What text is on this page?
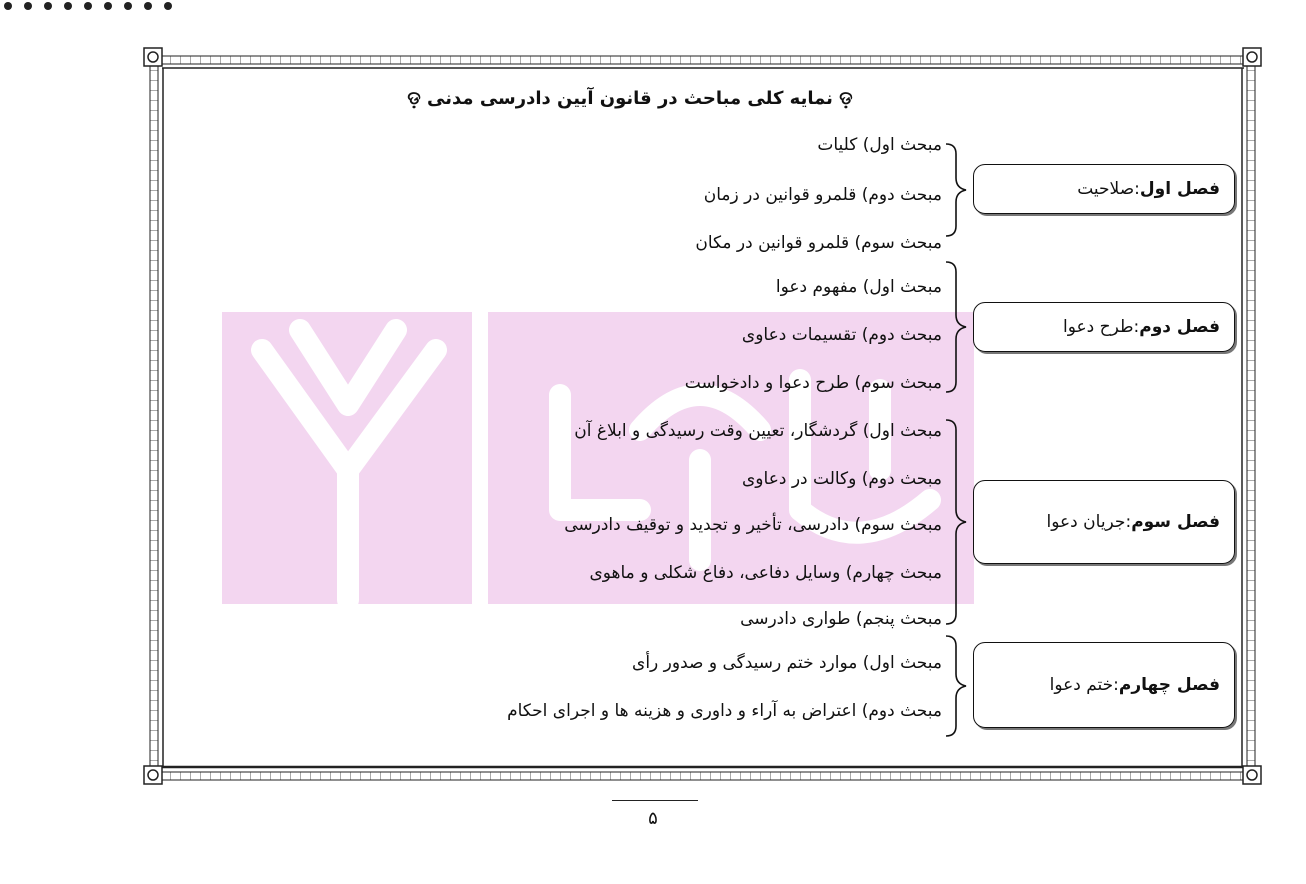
ଡ଼ نمایه کلی مباحث در قانون آیین دادرسی مدنی ଡ଼
فصل اول
:
صلاحیت
مبحث اول) کلیات
مبحث دوم) قلمرو قوانین در زمان
مبحث سوم) قلمرو قوانین در مکان
فصل دوم
:
طرح دعوا
مبحث اول) مفهوم دعوا
مبحث دوم) تقسیمات دعاوی
مبحث سوم) طرح دعوا و دادخواست
فصل سوم
:
جریان دعوا
مبحث اول) گردشگار، تعیین وقت رسیدگی و ابلاغ آن
مبحث دوم) وکالت در دعاوی
مبحث سوم) دادرسی، تأخیر و تجدید و توقیف دادرسی
مبحث چهارم) وسایل دفاعی، دفاع شکلی و ماهوی
مبحث پنجم) طواری دادرسی
فصل چهارم
:
ختم دعوا
مبحث اول) موارد ختم رسیدگی و صدور رأی
مبحث دوم) اعتراض به آراء و داوری و هزینه ها و اجرای احکام
۵
